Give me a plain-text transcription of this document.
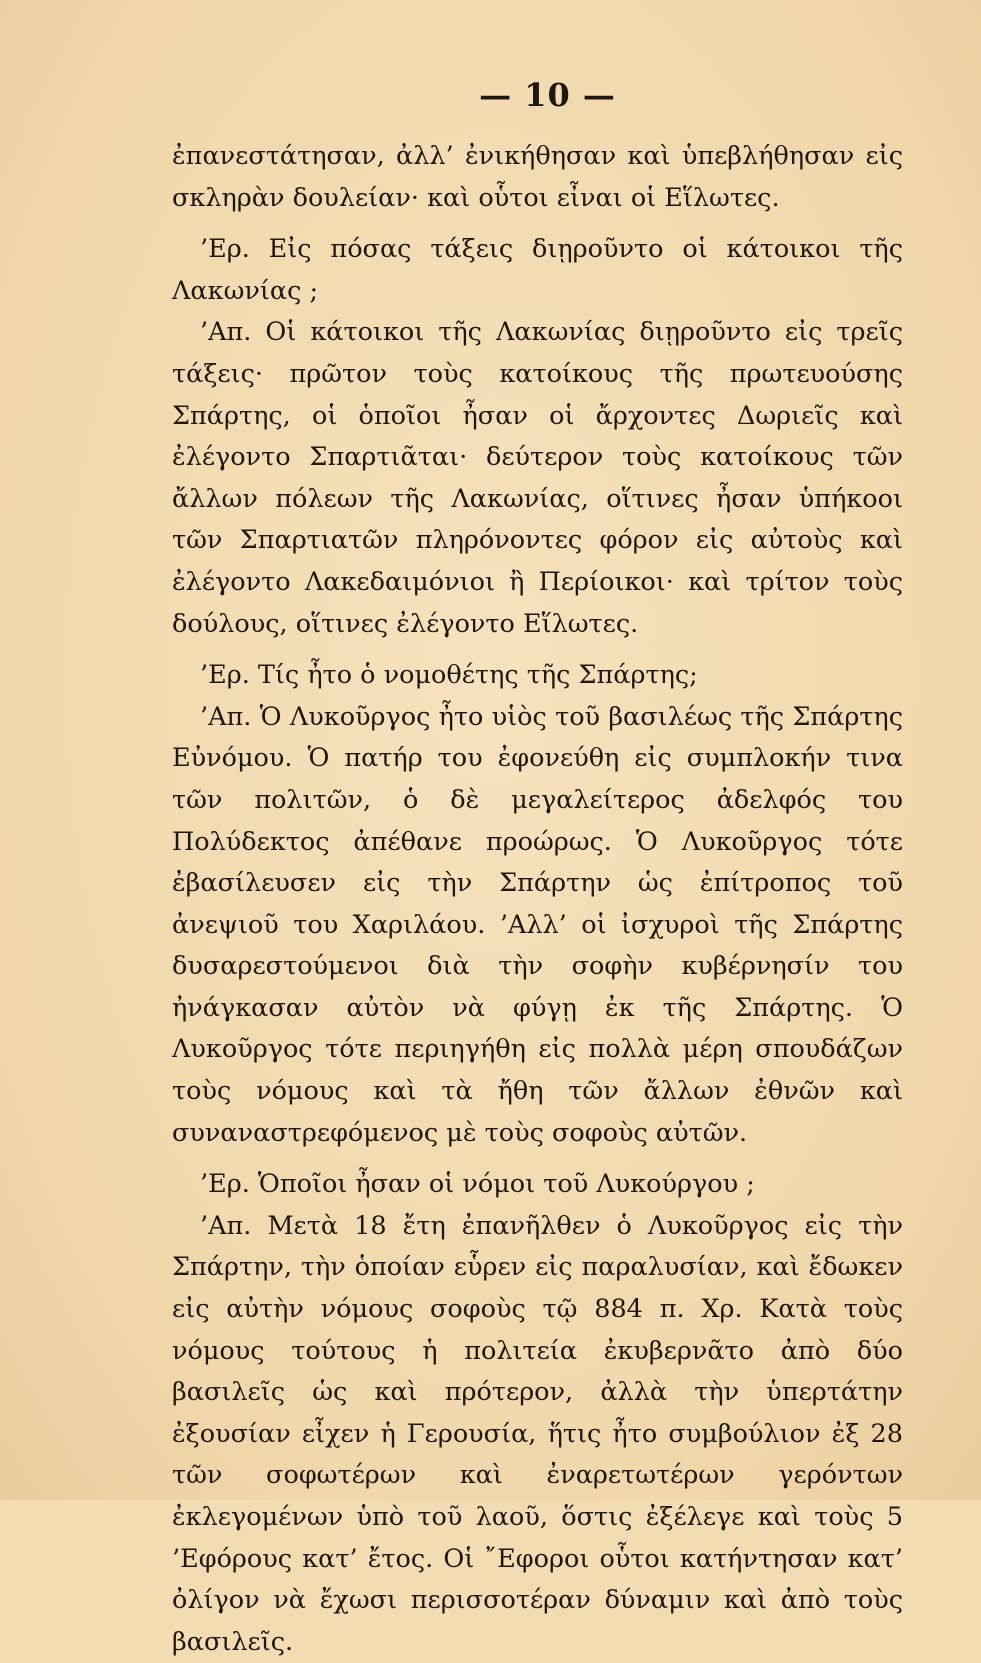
— 10 —

ἐπανεστάτησαν, ἀλλ’ ἐνικήθησαν καὶ ὑπεβλήθησαν εἰς σκληρὰν δουλείαν· καὶ οὗτοι εἶναι οἱ Εἵλωτες.

’Ερ. Εἰς πόσας τάξεις διῃροῦντο οἱ κάτοικοι τῆς Λακωνίας ;

’Απ. Οἱ κάτοικοι τῆς Λακωνίας διῃροῦντο εἰς τρεῖς τάξεις· πρῶτον τοὺς κατοίκους τῆς πρωτευούσης Σπάρτης, οἱ ὁποῖοι ἦσαν οἱ ἄρχοντες Δωριεῖς καὶ ἐλέγοντο Σπαρτιᾶται· δεύτερον τοὺς κατοίκους τῶν ἄλλων πόλεων τῆς Λακωνίας, οἵτινες ἦσαν ὑπήκοοι τῶν Σπαρτιατῶν πληρόνοντες φόρον εἰς αὐτοὺς καὶ ἐλέγοντο Λακεδαιμόνιοι ἢ Περίοικοι· καὶ τρίτον τοὺς δούλους, οἵτινες ἐλέγοντο Εἵλωτες.

’Ερ. Τίς ἦτο ὁ νομοθέτης τῆς Σπάρτης;

’Απ. Ὁ Λυκοῦργος ἦτο υἱὸς τοῦ βασιλέως τῆς Σπάρτης Εὐνόμου. Ὁ πατήρ του ἐφονεύθη εἰς συμπλοκήν τινα τῶν πολιτῶν, ὁ δὲ μεγαλείτερος ἀδελφός του Πολύδεκτος ἀπέθανε προώρως. Ὁ Λυκοῦργος τότε ἐβασίλευσεν εἰς τὴν Σπάρτην ὡς ἐπίτροπος τοῦ ἀνεψιοῦ του Χαριλάου. ’Αλλ’ οἱ ἰσχυροὶ τῆς Σπάρτης δυσαρεστούμενοι διὰ τὴν σοφὴν κυβέρνησίν του ἠνάγκασαν αὐτὸν νὰ φύγῃ ἐκ τῆς Σπάρτης. Ὁ Λυκοῦργος τότε περιηγήθη εἰς πολλὰ μέρη σπουδάζων τοὺς νόμους καὶ τὰ ἤθη τῶν ἄλλων ἐθνῶν καὶ συναναστρεφόμενος μὲ τοὺς σοφοὺς αὐτῶν.

’Ερ. Ὁποῖοι ἦσαν οἱ νόμοι τοῦ Λυκούργου ;

’Απ. Μετὰ 18 ἔτη ἐπανῆλθεν ὁ Λυκοῦργος εἰς τὴν Σπάρτην, τὴν ὁποίαν εὗρεν εἰς παραλυσίαν, καὶ ἔδωκεν εἰς αὐτὴν νόμους σοφοὺς τῷ 884 π. Χρ. Κατὰ τοὺς νόμους τούτους ἡ πολιτεία ἐκυβερνᾶτο ἀπὸ δύο βασιλεῖς ὡς καὶ πρότερον, ἀλλὰ τὴν ὑπερτάτην ἐξουσίαν εἶχεν ἡ Γερουσία, ἥτις ἦτο συμβούλιον ἐξ 28 τῶν σοφωτέρων καὶ ἐναρετωτέρων γερόντων ἐκλεγομένων ὑπὸ τοῦ λαοῦ, ὅστις ἐξέλεγε καὶ τοὺς 5 ’Εφόρους κατ’ ἔτος. Οἱ ῎Εφοροι οὗτοι κατήντησαν κατ’ ὀλίγον νὰ ἔχωσι περισσοτέραν δύναμιν καὶ ἀπὸ τοὺς βασιλεῖς.
